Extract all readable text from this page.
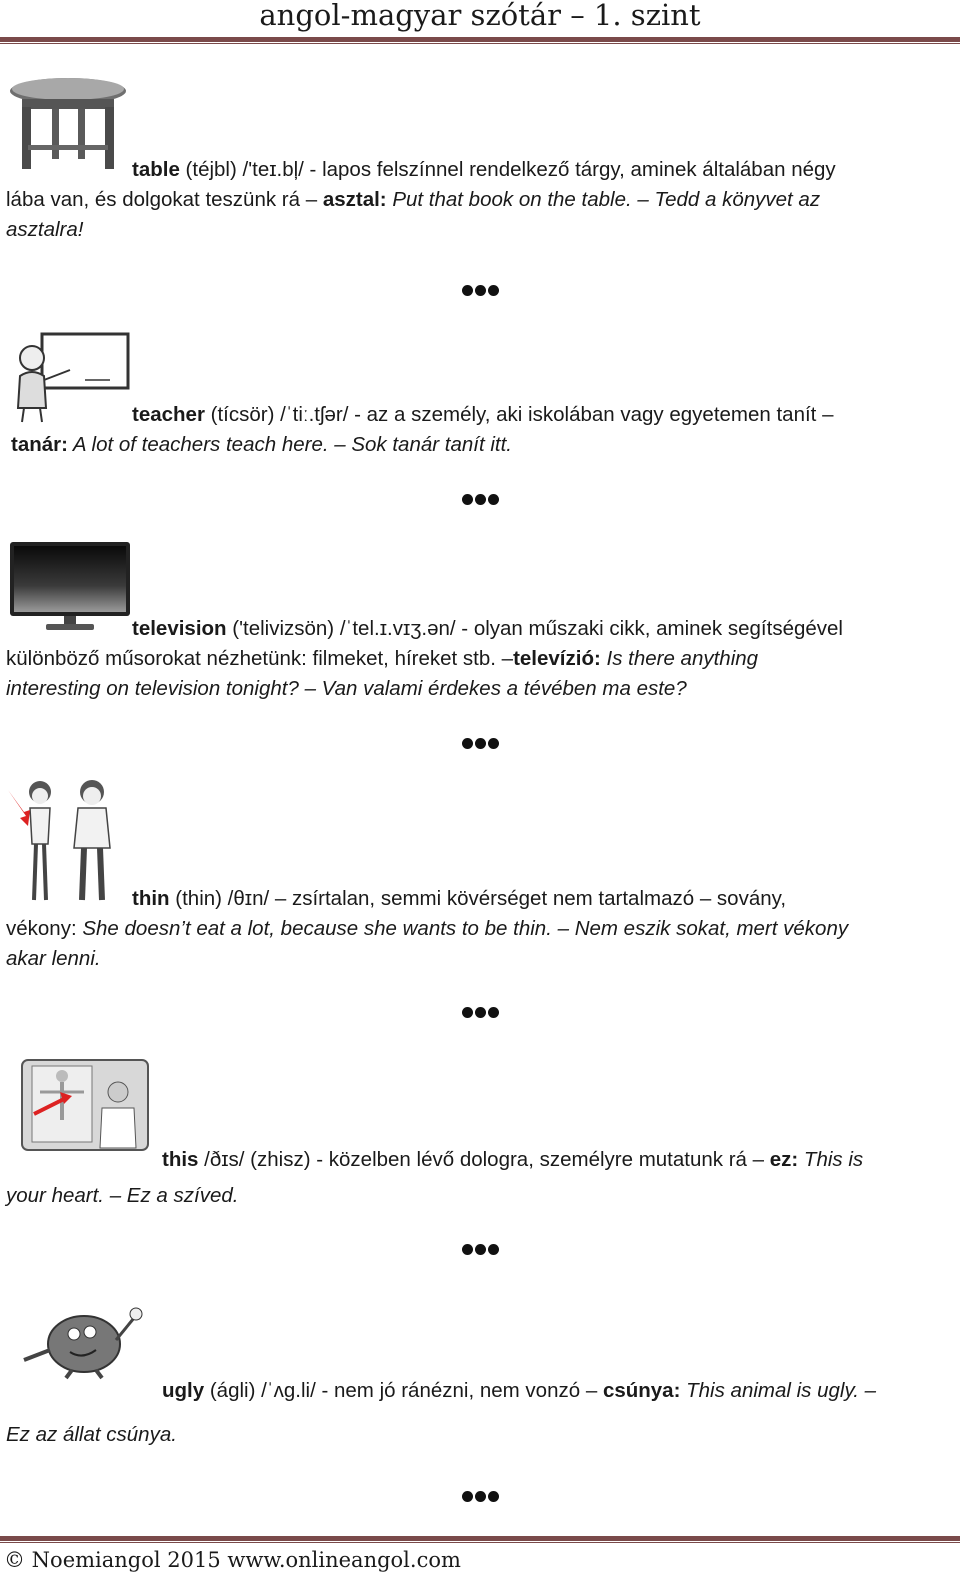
angol-magyar szótár – 1. szint
table (téjbl) /'teɪ.bļ/ - lapos felszínnel rendelkező tárgy, aminek általában négy
lába van, és dolgokat teszünk rá – asztal: Put that book on the table. – Tedd a könyvet az
asztalra!
teacher (tícsör) /ˈtiː.tʃər/ - az a személy, aki iskolában vagy egyetemen tanít –
tanár: A lot of teachers teach here. – Sok tanár tanít itt.
television ('telivizsön) /ˈtel.ɪ.vɪʒ.ən/ - olyan műszaki cikk, aminek segítségével
különböző műsorokat nézhetünk: filmeket, híreket stb. –televízió: Is there anything
interesting on television tonight? – Van valami érdekes a tévében ma este?
thin (thin) /θɪn/ – zsírtalan, semmi kövérséget nem tartalmazó – sovány,
vékony: She doesn’t eat a lot, because she wants to be thin. – Nem eszik sokat, mert vékony
akar lenni.
this /ðɪs/ (zhisz) - közelben lévő dologra, személyre mutatunk rá – ez: This is
your heart. – Ez a szíved.
ugly (ágli) /ˈʌg.li/ - nem jó ránézni, nem vonzó – csúnya: This animal is ugly. –
Ez az állat csúnya.
© Noemiangol 2015 www.onlineangol.com
